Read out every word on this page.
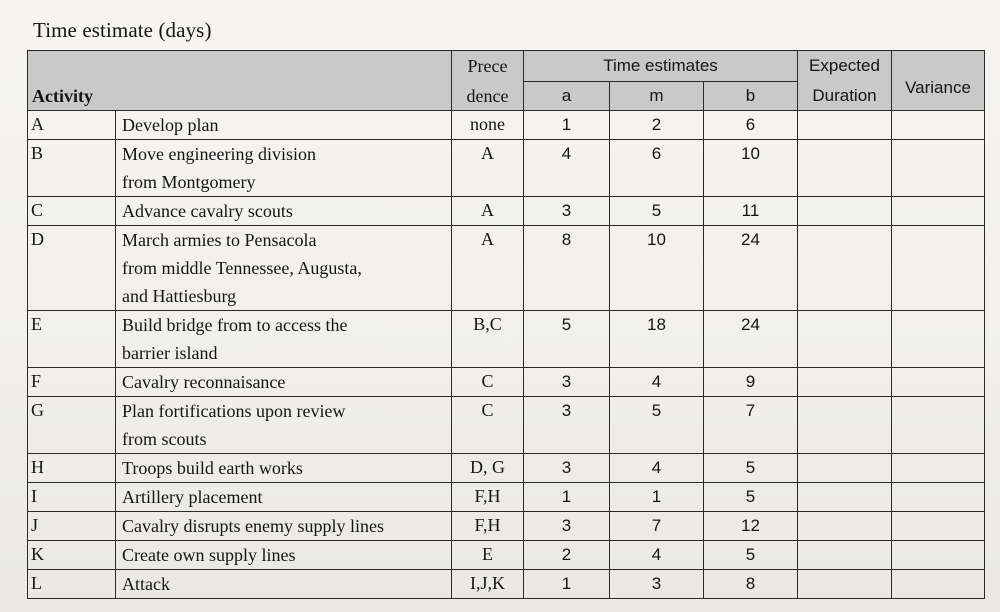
Time estimate (days)
Activity		Prece	Time estimates			Expected	Variance
		dence	a	m	b	Duration	
A	Develop plan	none	1	2	6		
B	Move engineering division
from Montgomery	A	4	6	10		
C	Advance cavalry scouts	A	3	5	11		
D	March armies to Pensacola
from middle Tennessee, Augusta,
and Hattiesburg	A	8	10	24		
E	Build bridge from to access the
barrier island	B,C	5	18	24		
F	Cavalry reconnaisance	C	3	4	9		
G	Plan fortifications upon review
from scouts	C	3	5	7		
H	Troops build earth works	D, G	3	4	5		
I	Artillery placement	F,H	1	1	5		
J	Cavalry disrupts enemy supply lines	F,H	3	7	12		
K	Create own supply lines	E	2	4	5		
L	Attack	I,J,K	1	3	8		
